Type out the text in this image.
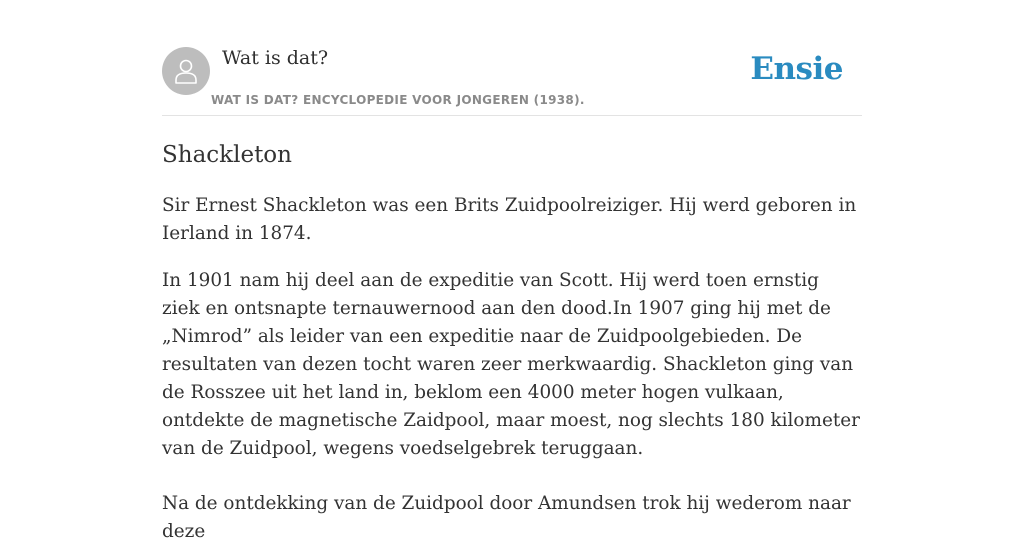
Wat is dat?
WAT IS DAT? ENCYCLOPEDIE VOOR JONGEREN (1938).
Ensie
Shackleton

Sir Ernest Shackleton was een Brits Zuidpoolreiziger. Hij werd geboren in Ierland in 1874.

In 1901 nam hij deel aan de expeditie van Scott. Hij werd toen ernstig ziek en ontsnapte ternauwernood aan den dood.In 1907 ging hij met de „Nimrod” als leider van een expeditie naar de Zuidpoolgebieden. De resultaten van dezen tocht waren zeer merkwaardig. Shackleton ging van de Rosszee uit het land in, beklom een 4000 meter hogen vulkaan, ontdekte de magnetische Zaidpool, maar moest, nog slechts 180 kilometer van de Zuidpool, wegens voedselgebrek teruggaan.

Na de ontdekking van de Zuidpool door Amundsen trok hij wederom naar deze
